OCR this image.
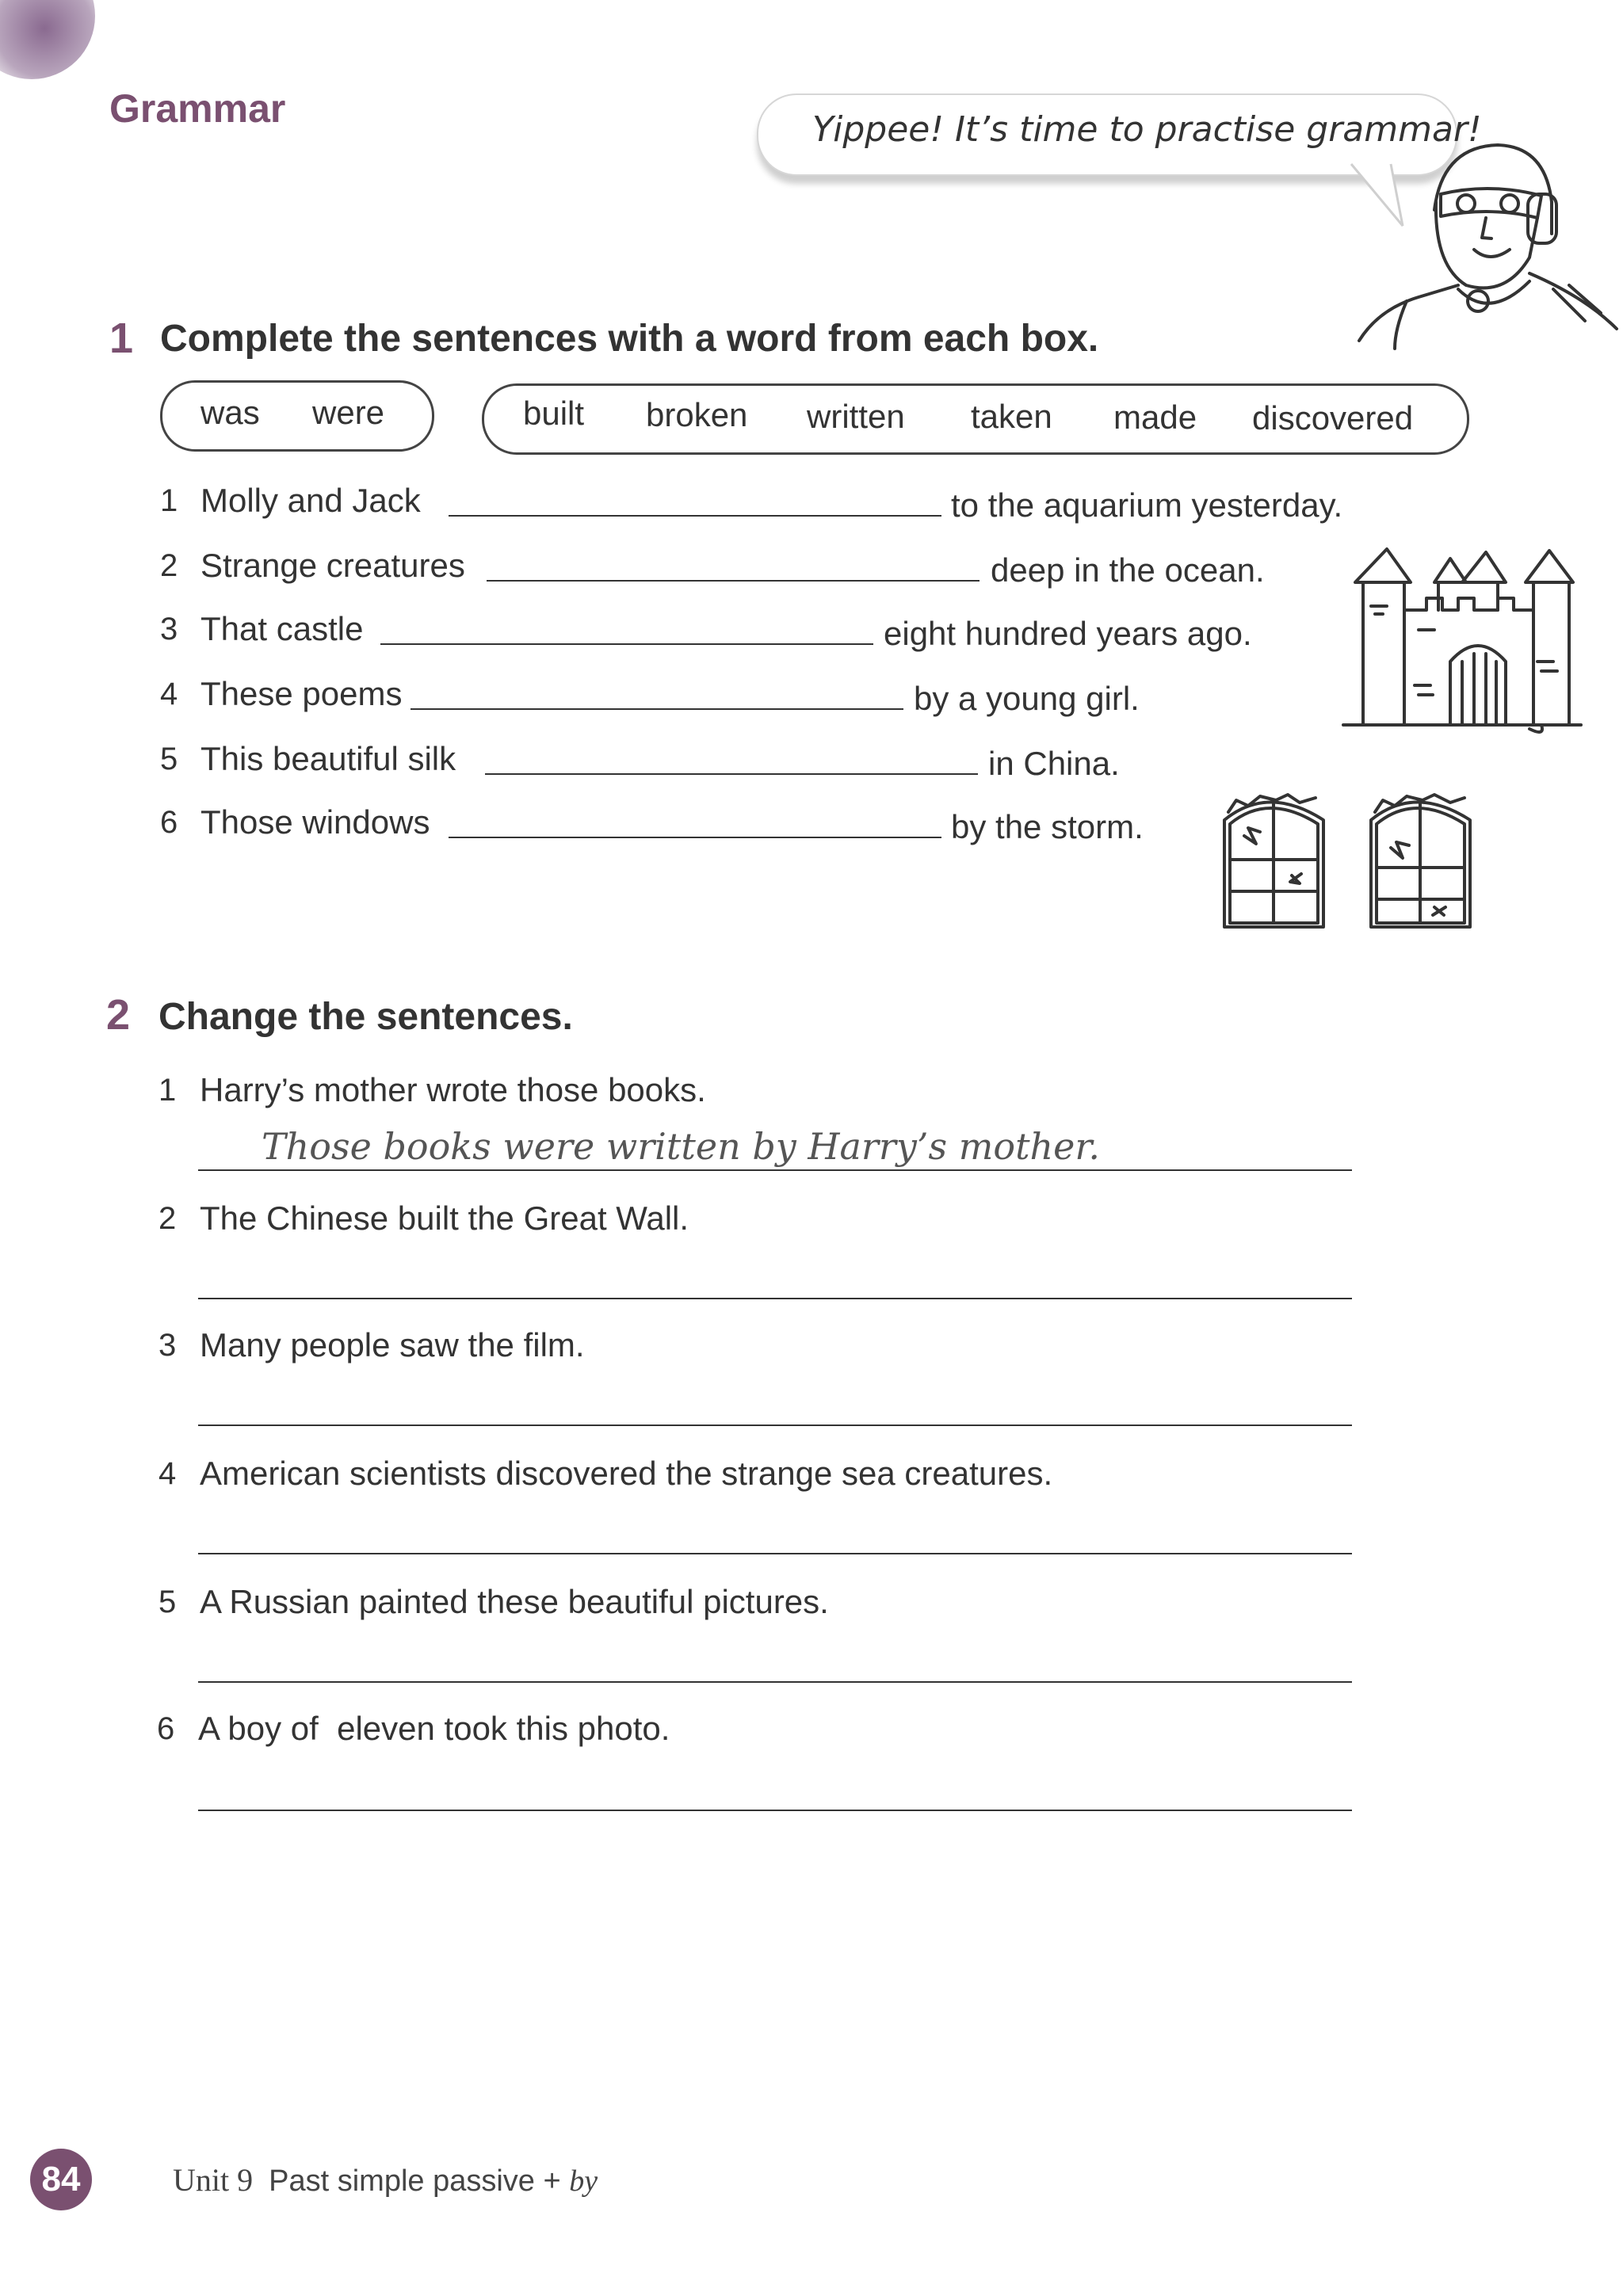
Grammar	Yippee! It’s time to practise grammar!
1 Complete the sentences with a word from each box.
was were	built broken written taken made discovered
1 Molly and Jack	to the aquarium yesterday.
2 Strange creatures	deep in the ocean.
3 That castle	eight hundred years ago.
4 These poems	by a young girl.
5 This beautiful silk	in China.
6 Those windows	by the storm.
2 Change the sentences.
1 Harry’s mother wrote those books.
Those books were written by Harry’s mother.
2 The Chinese built the Great Wall.
3 Many people saw the film.
4 American scientists discovered the strange sea creatures.
5 A Russian painted these beautiful pictures.
6 A boy of  eleven took this photo.
84	Unit 9 Past simple passive + by
